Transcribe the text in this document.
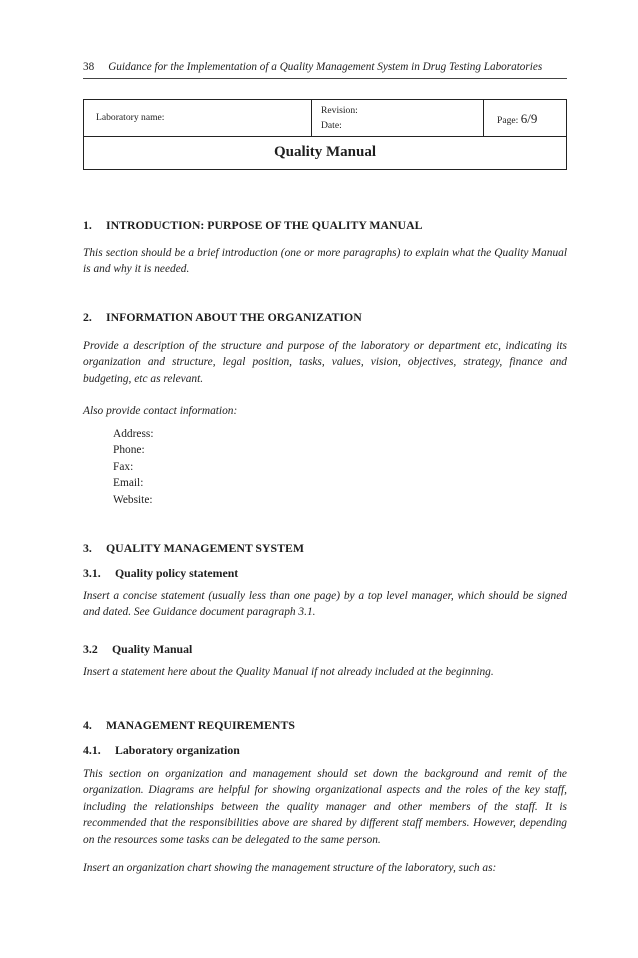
38 Guidance for the Implementation of a Quality Management System in Drug Testing Laboratories
Laboratory name:
Revision:
Date:	Page: 6/9
Quality Manual
1. INTRODUCTION: PURPOSE OF THE QUALITY MANUAL

This section should be a brief introduction (one or more paragraphs) to explain what the Quality Manual is and why it is needed.

2. INFORMATION ABOUT THE ORGANIZATION

Provide a description of the structure and purpose of the laboratory or department etc, indicating its organization and structure, legal position, tasks, values, vision, objectives, strategy, finance and budgeting, etc as relevant.

Also provide contact information:

Address:
Phone:
Fax:
Email:
Website:
3. QUALITY MANAGEMENT SYSTEM
3.1. Quality policy statement

Insert a concise statement (usually less than one page) by a top level manager, which should be signed and dated. See Guidance document paragraph 3.1.

3.2 Quality Manual

Insert a statement here about the Quality Manual if not already included at the beginning.

4. MANAGEMENT REQUIREMENTS
4.1. Laboratory organization

This section on organization and management should set down the background and remit of the organization. Diagrams are helpful for showing organizational aspects and the roles of the key staff, including the relationships between the quality manager and other members of the staff. It is recommended that the responsibilities above are shared by different staff members. However, depending on the resources some tasks can be delegated to the same person.

Insert an organization chart showing the management structure of the laboratory, such as:
